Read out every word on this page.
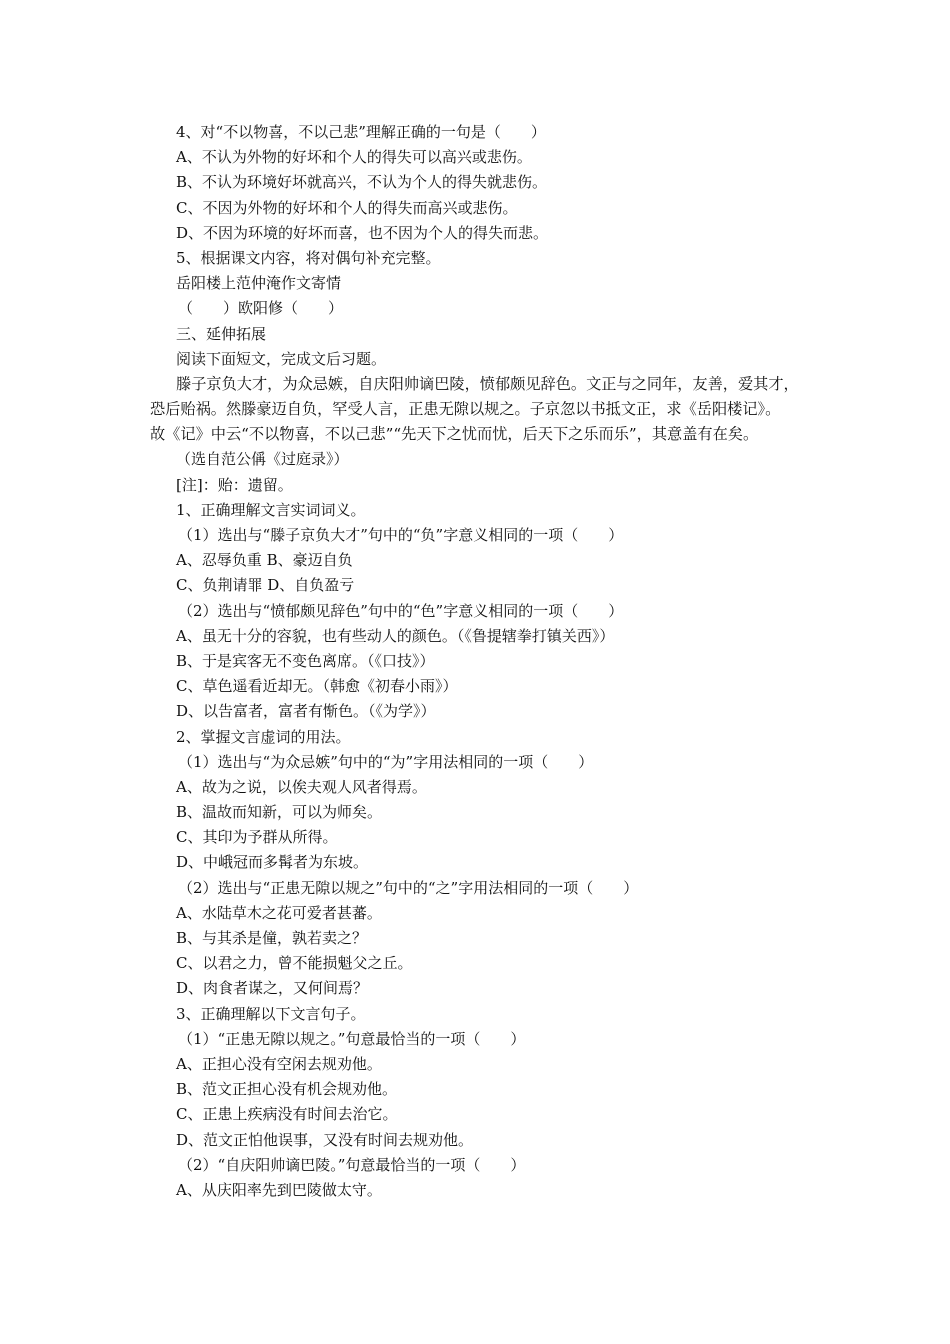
4、对“不以物喜，不以己悲”理解正确的一句是（　　）
A、不认为外物的好坏和个人的得失可以高兴或悲伤。
B、不认为环境好坏就高兴，不认为个人的得失就悲伤。
C、不因为外物的好坏和个人的得失而高兴或悲伤。
D、不因为环境的好坏而喜，也不因为个人的得失而悲。
5、根据课文内容，将对偶句补充完整。
岳阳楼上范仲淹作文寄情
（　　）欧阳修（　　）
三、延伸拓展
阅读下面短文，完成文后习题。
滕子京负大才，为众忌嫉，自庆阳帅谪巴陵，愤郁颇见辞色。文正与之同年，友善，爱其才，
恐后贻祸。然滕豪迈自负，罕受人言，正患无隙以规之。子京忽以书抵文正，求《岳阳楼记》。
故《记》中云“不以物喜，不以己悲”“先天下之忧而忧，后天下之乐而乐”，其意盖有在矣。
（选自范公偁《过庭录》）
[注]：贻：遗留。
1、正确理解文言实词词义。
（1）选出与“滕子京负大才”句中的“负”字意义相同的一项（　　）
A、忍辱负重 B、豪迈自负
C、负荆请罪 D、自负盈亏
（2）选出与“愤郁颇见辞色”句中的“色”字意义相同的一项（　　）
A、虽无十分的容貌，也有些动人的颜色。（《鲁提辖拳打镇关西》）
B、于是宾客无不变色离席。（《口技》）
C、草色遥看近却无。（韩愈《初春小雨》）
D、以告富者，富者有惭色。（《为学》）
2、掌握文言虚词的用法。
（1）选出与“为众忌嫉”句中的“为”字用法相同的一项（　　）
A、故为之说，以俟夫观人风者得焉。
B、温故而知新，可以为师矣。
C、其印为予群从所得。
D、中峨冠而多髯者为东坡。
（2）选出与“正患无隙以规之”句中的“之”字用法相同的一项（　　）
A、水陆草木之花可爱者甚蕃。
B、与其杀是僮，孰若卖之？
C、以君之力，曾不能损魁父之丘。
D、肉食者谋之，又何间焉？
3、正确理解以下文言句子。
（1）“正患无隙以规之。”句意最恰当的一项（　　）
A、正担心没有空闲去规劝他。
B、范文正担心没有机会规劝他。
C、正患上疾病没有时间去治它。
D、范文正怕他误事，又没有时间去规劝他。
（2）“自庆阳帅谪巴陵。”句意最恰当的一项（　　）
A、从庆阳率先到巴陵做太守。
